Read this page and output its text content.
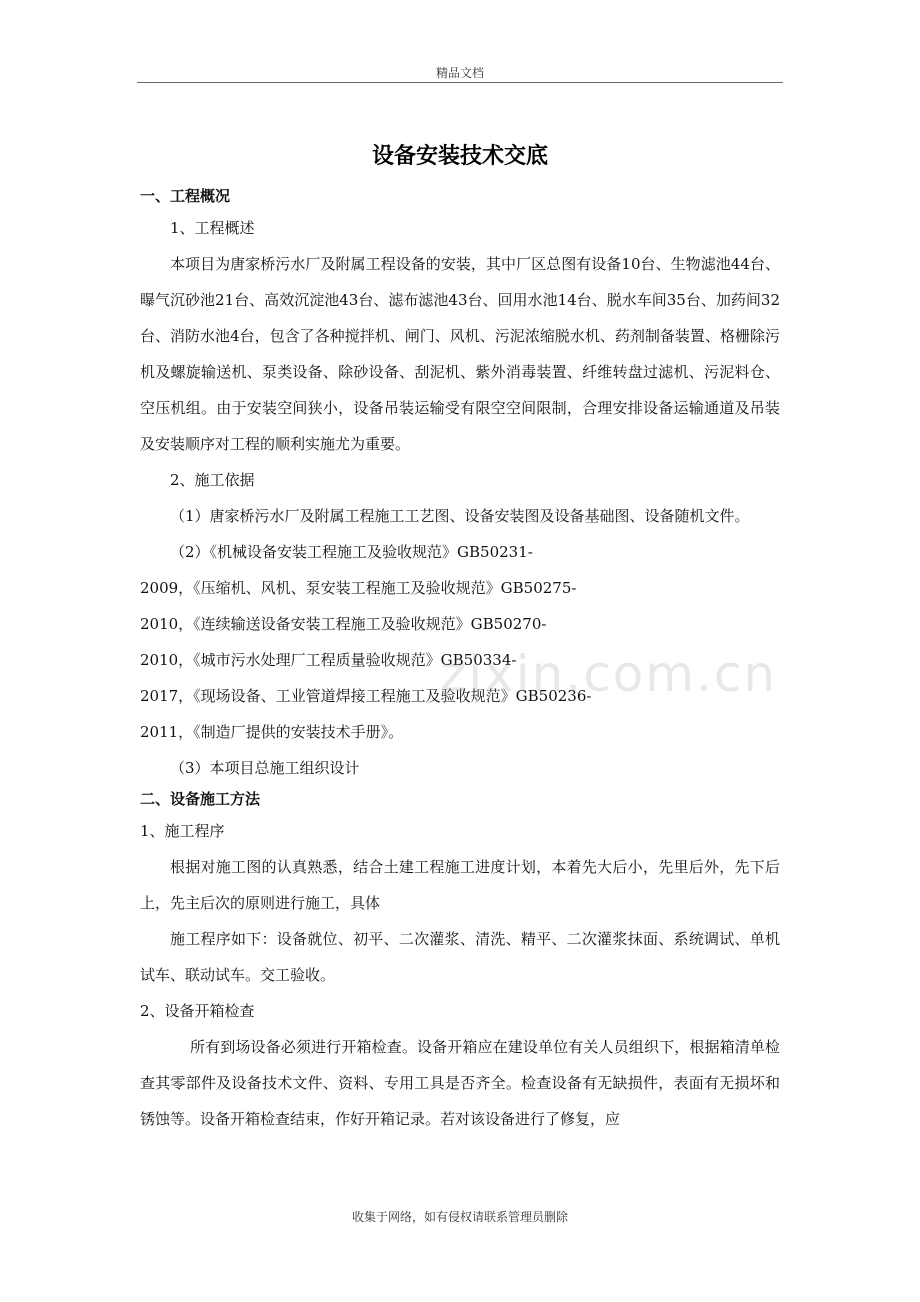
精品文档
设备安装技术交底

一、工程概况

1、工程概述

本项目为唐家桥污水厂及附属工程设备的安装，其中厂区总图有设备10台、生物滤池44台、曝气沉砂池21台、高效沉淀池43台、滤布滤池43台、回用水池14台、脱水车间35台、加药间32台、消防水池4台，包含了各种搅拌机、闸门、风机、污泥浓缩脱水机、药剂制备装置、格栅除污机及螺旋输送机、泵类设备、除砂设备、刮泥机、紫外消毒装置、纤维转盘过滤机、污泥料仓、空压机组。由于安装空间狭小，设备吊装运输受有限空空间限制，合理安排设备运输通道及吊装及安装顺序对工程的顺利实施尤为重要。

2、施工依据

（1）唐家桥污水厂及附属工程施工工艺图、设备安装图及设备基础图、设备随机文件。

（2）《机械设备安装工程施工及验收规范》GB50231-

2009，《压缩机、风机、泵安装工程施工及验收规范》GB50275-

2010，《连续输送设备安装工程施工及验收规范》GB50270-

2010，《城市污水处理厂工程质量验收规范》GB50334-

2017，《现场设备、工业管道焊接工程施工及验收规范》GB50236-

2011，《制造厂提供的安装技术手册》。

（3）本项目总施工组织设计

二、设备施工方法

1、施工程序

根据对施工图的认真熟悉，结合土建工程施工进度计划，本着先大后小，先里后外，先下后上，先主后次的原则进行施工，具体

施工程序如下：设备就位、初平、二次灌浆、清洗、精平、二次灌浆抹面、系统调试、单机试车、联动试车。交工验收。

2、设备开箱检查

所有到场设备必须进行开箱检查。设备开箱应在建设单位有关人员组织下，根据箱清单检查其零部件及设备技术文件、资料、专用工具是否齐全。检查设备有无缺损件，表面有无损坏和锈蚀等。设备开箱检查结束，作好开箱记录。若对该设备进行了修复，应

zixin.com.cn
收集于网络，如有侵权请联系管理员删除
